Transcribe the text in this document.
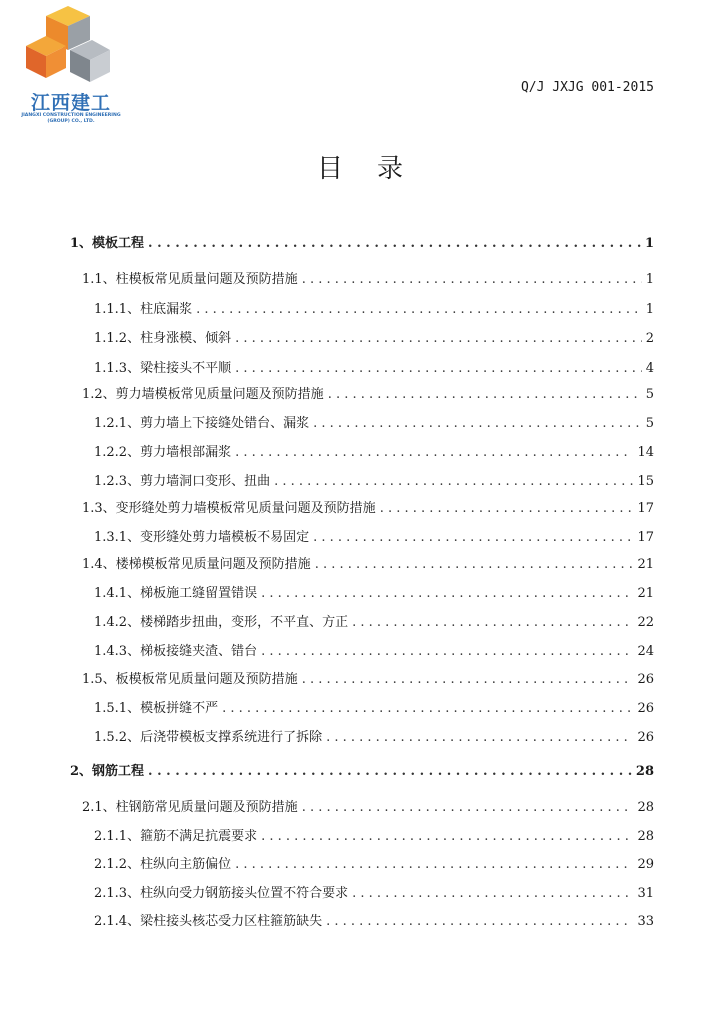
江西建工
JIANGXI CONSTRUCTION ENGINEERING
(GROUP) CO., LTD.
Q/J JXJG 001-2015
目录
1、模板工程 . . .	1
1.1、柱模板常见质量问题及预防措施 . . .	1
1.1.1、柱底漏浆 . . .	1
1.1.2、柱身涨模、倾斜 . . .	2
1.1.3、梁柱接头不平顺 . . .	4
1.2、剪力墙模板常见质量问题及预防措施 . . .	5
1.2.1、剪力墙上下接缝处错台、漏浆 . . .	5
1.2.2、剪力墙根部漏浆 . . .	14
1.2.3、剪力墙洞口变形、扭曲 . . .	15
1.3、变形缝处剪力墙模板常见质量问题及预防措施 . . .	17
1.3.1、变形缝处剪力墙模板不易固定 . . .	17
1.4、楼梯模板常见质量问题及预防措施 . . .	21
1.4.1、梯板施工缝留置错误 . . .	21
1.4.2、楼梯踏步扭曲，变形，不平直、方正 . . .	22
1.4.3、梯板接缝夹渣、错台 . . .	24
1.5、板模板常见质量问题及预防措施 . . .	26
1.5.1、模板拼缝不严 . . .	26
1.5.2、后浇带模板支撑系统进行了拆除 . . .	26
2、钢筋工程 . . .	28
2.1、柱钢筋常见质量问题及预防措施 . . .	28
2.1.1、箍筋不满足抗震要求 . . .	28
2.1.2、柱纵向主筋偏位 . . .	29
2.1.3、柱纵向受力钢筋接头位置不符合要求 . . .	31
2.1.4、梁柱接头核芯受力区柱箍筋缺失 . . .	33
